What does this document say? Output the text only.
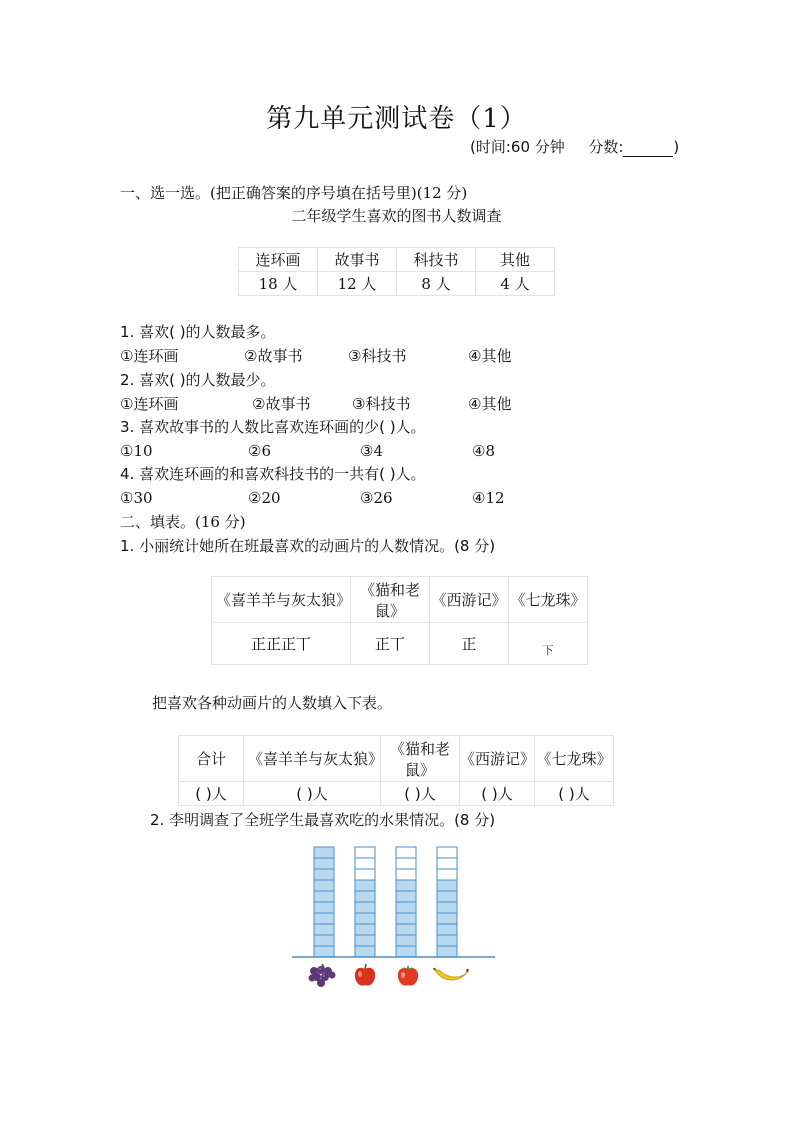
第九单元测试卷（1）
(时间:60 分钟 分数:	)
一、选一选。(把正确答案的序号填在括号里)(12 分)
二年级学生喜欢的图书人数调查
连环画	故事书	科技书	其他
18 人	12 人	8 人	4 人
1. 喜欢( )的人数最多。
①连环画	②故事书	③科技书	④其他
2. 喜欢( )的人数最少。
①连环画	②故事书	③科技书	④其他
3. 喜欢故事书的人数比喜欢连环画的少( )人。
①10	②6	③4	④8
4. 喜欢连环画的和喜欢科技书的一共有( )人。
①30	②20	③26	④12
二、填表。(16 分)
1. 小丽统计她所在班最喜欢的动画片的人数情况。(8 分)
《喜羊羊与灰太狼》	《猫和老鼠》	《西游记》	《七龙珠》
正正正丅	正丅	正	下
把喜欢各种动画片的人数填入下表。
合计	《喜羊羊与灰太狼》	《猫和老鼠》	《西游记》	《七龙珠》
( )人	( )人	( )人	( )人	( )人
2. 李明调查了全班学生最喜欢吃的水果情况。(8 分)
